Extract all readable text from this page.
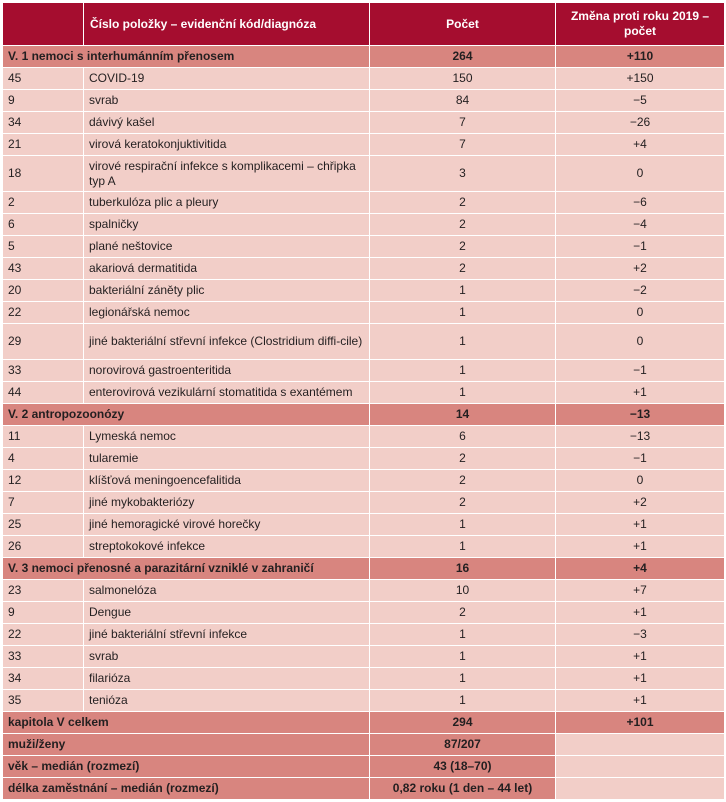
	Číslo položky – evidenční kód/diagnóza	Počet	Změna proti roku 2019 – počet
V. 1 nemoci s interhumánním přenosem		264	+110
45	COVID-19	150	+150
9	svrab	84	−5
34	dávivý kašel	7	−26
21	virová keratokonjuktivitida	7	+4
18	virové respirační infekce s komplikacemi – chřipka typ A	3	0
2	tuberkulóza plic a pleury	2	−6
6	spalničky	2	−4
5	plané neštovice	2	−1
43	akariová dermatitida	2	+2
20	bakteriální záněty plic	1	−2
22	legionářská nemoc	1	0
29	jiné bakteriální střevní infekce (Clostridium diffi-cile)	1	0
33	norovirová gastroenteritida	1	−1
44	enterovirová vezikulární stomatitida s exantémem	1	+1
V. 2 antropozoonózy		14	−13
11	Lymeská nemoc	6	−13
4	tularemie	2	−1
12	klíšťová meningoencefalitida	2	0
7	jiné mykobakteriózy	2	+2
25	jiné hemoragické virové horečky	1	+1
26	streptokokové infekce	1	+1
V. 3 nemoci přenosné a parazitární vzniklé v zahraničí		16	+4
23	salmonelóza	10	+7
9	Dengue	2	+1
22	jiné bakteriální střevní infekce	1	−3
33	svrab	1	+1
34	filarióza	1	+1
35	tenióza	1	+1
kapitola V celkem		294	+101
muži/ženy		87/207	
věk – medián (rozmezí)		43 (18–70)	
délka zaměstnání – medián (rozmezí)		0,82 roku (1 den – 44 let)	
